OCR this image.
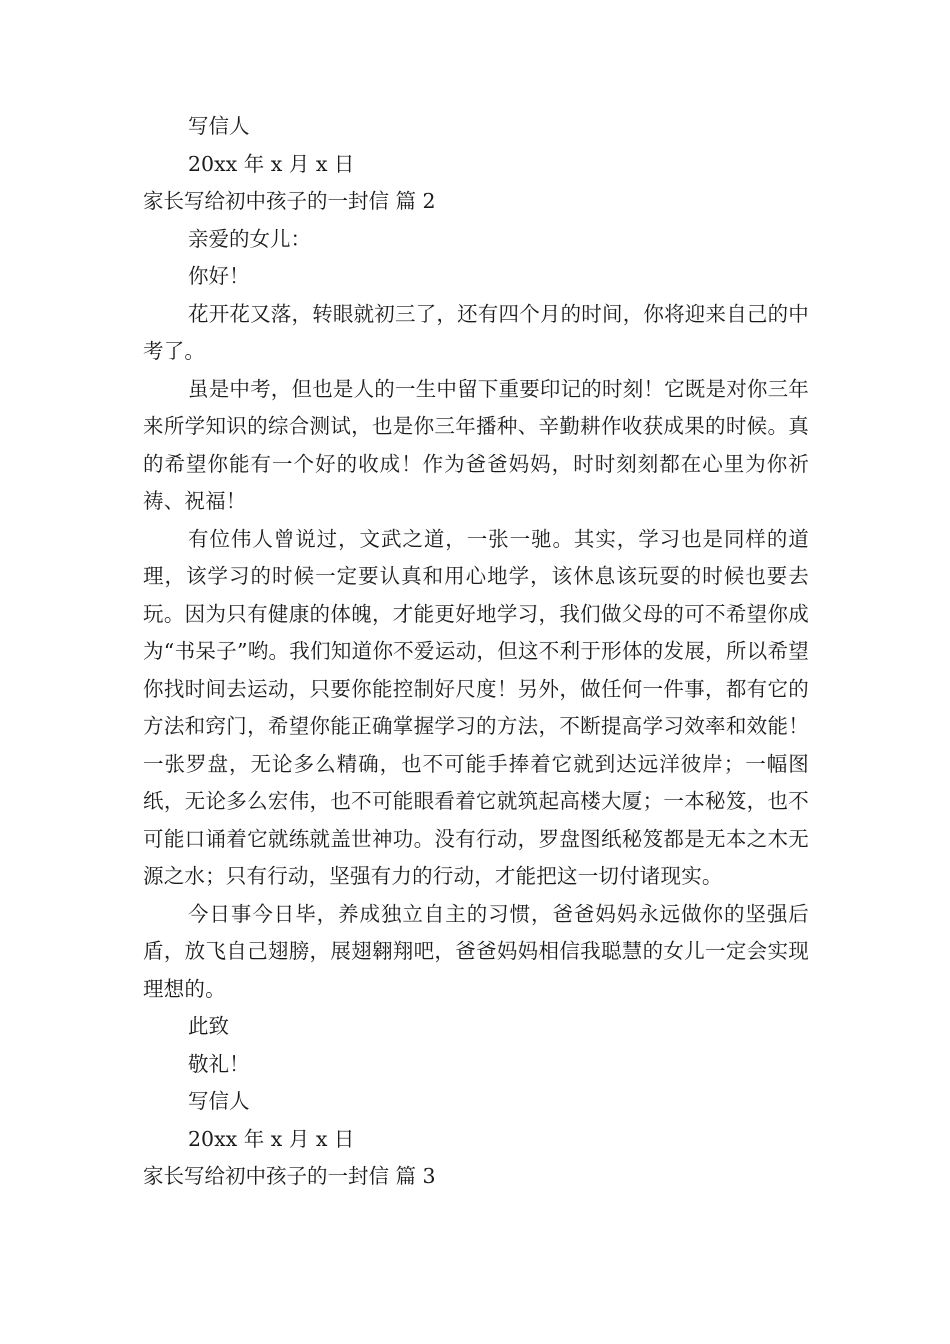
写信人

20xx 年 x 月 x 日

家长写给初中孩子的一封信 篇 2

亲爱的女儿：

你好！

花开花又落，转眼就初三了，还有四个月的时间，你将迎来自己的中考了。

虽是中考，但也是人的一生中留下重要印记的时刻！它既是对你三年来所学知识的综合测试，也是你三年播种、辛勤耕作收获成果的时候。真的希望你能有一个好的收成！作为爸爸妈妈，时时刻刻都在心里为你祈祷、祝福！

有位伟人曾说过，文武之道，一张一驰。其实，学习也是同样的道理，该学习的时候一定要认真和用心地学，该休息该玩耍的时候也要去玩。因为只有健康的体魄，才能更好地学习，我们做父母的可不希望你成为“书呆子”哟。我们知道你不爱运动，但这不利于形体的发展，所以希望你找时间去运动，只要你能控制好尺度！另外，做任何一件事，都有它的方法和窍门，希望你能正确掌握学习的方法，不断提高学习效率和效能！一张罗盘，无论多么精确，也不可能手捧着它就到达远洋彼岸；一幅图纸，无论多么宏伟，也不可能眼看着它就筑起高楼大厦；一本秘笈，也不可能口诵着它就练就盖世神功。没有行动，罗盘图纸秘笈都是无本之木无源之水；只有行动，坚强有力的行动，才能把这一切付诸现实。

今日事今日毕，养成独立自主的习惯，爸爸妈妈永远做你的坚强后盾，放飞自己翅膀，展翅翱翔吧，爸爸妈妈相信我聪慧的女儿一定会实现理想的。

此致

敬礼！

写信人

20xx 年 x 月 x 日

家长写给初中孩子的一封信 篇 3
